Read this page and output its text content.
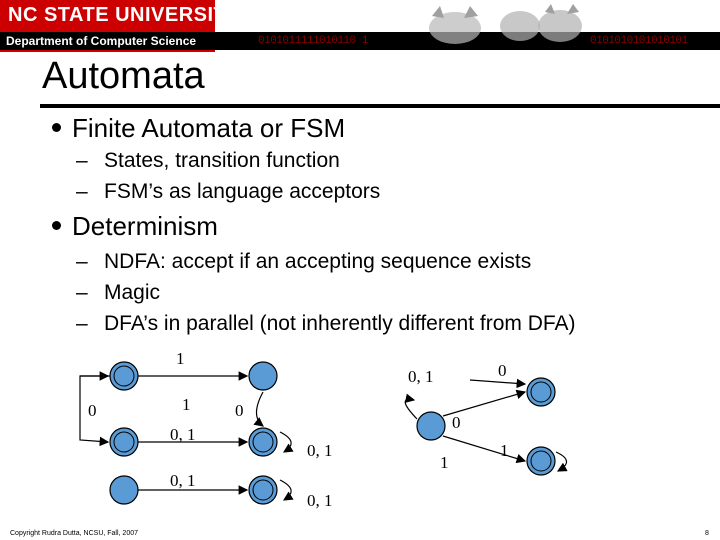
NC STATE UNIVERSITY
Department of Computer Science	0101011111010110 1	0101010101010101
Automata
Finite Automata or FSM
– States, transition function
– FSM’s as language acceptors
Determinism
– NDFA: accept if an accepting sequence exists
– Magic
– DFA’s in parallel (not inherently different from DFA)
1
0	1
0, 1
0
0, 1
0, 1
0, 1
0
0, 1
0
1
1
Copyright Rudra Dutta, NCSU, Fall, 2007	8
